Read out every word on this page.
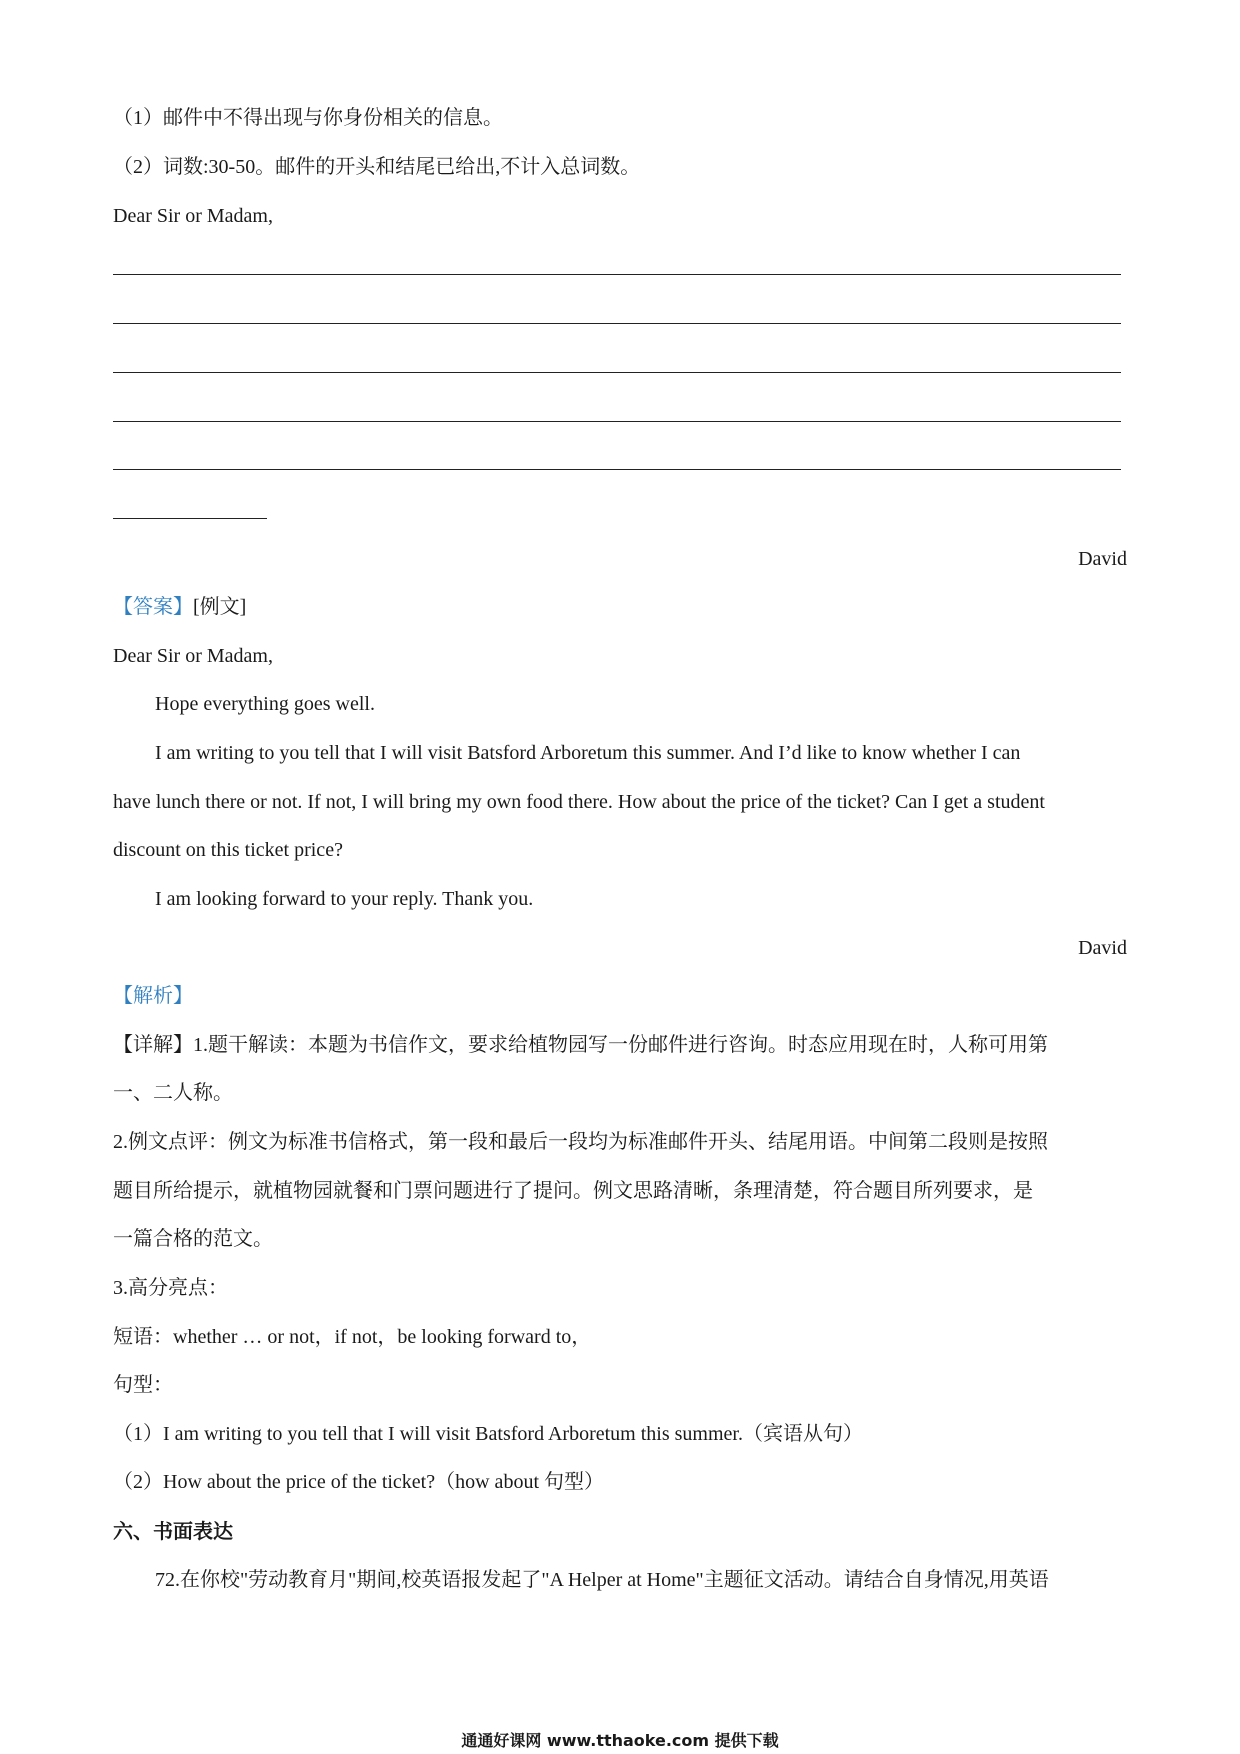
（1）邮件中不得出现与你身份相关的信息。
（2）词数:30-50。邮件的开头和结尾已给出,不计入总词数。
Dear Sir or Madam,
David
【答案】[例文]
Dear Sir or Madam,
Hope everything goes well.
I am writing to you tell that I will visit Batsford Arboretum this summer. And I’d like to know whether I can
have lunch there or not. If not, I will bring my own food there. How about the price of the ticket? Can I get a student
discount on this ticket price?
I am looking forward to your reply. Thank you.
David
【解析】
【详解】1.题干解读：本题为书信作文，要求给植物园写一份邮件进行咨询。时态应用现在时，人称可用第
一、二人称。
2.例文点评：例文为标准书信格式，第一段和最后一段均为标准邮件开头、结尾用语。中间第二段则是按照
题目所给提示，就植物园就餐和门票问题进行了提问。例文思路清晰，条理清楚，符合题目所列要求，是
一篇合格的范文。
3.高分亮点：
短语：whether … or not，if not，be looking forward to，
句型：
（1）I am writing to you tell that I will visit Batsford Arboretum this summer.（宾语从句）
（2）How about the price of the ticket?（how about 句型）
六、书面表达
72.在你校"劳动教育月"期间,校英语报发起了"A Helper at Home"主题征文活动。请结合自身情况,用英语
通通好课网 www.tthaoke.com 提供下载
